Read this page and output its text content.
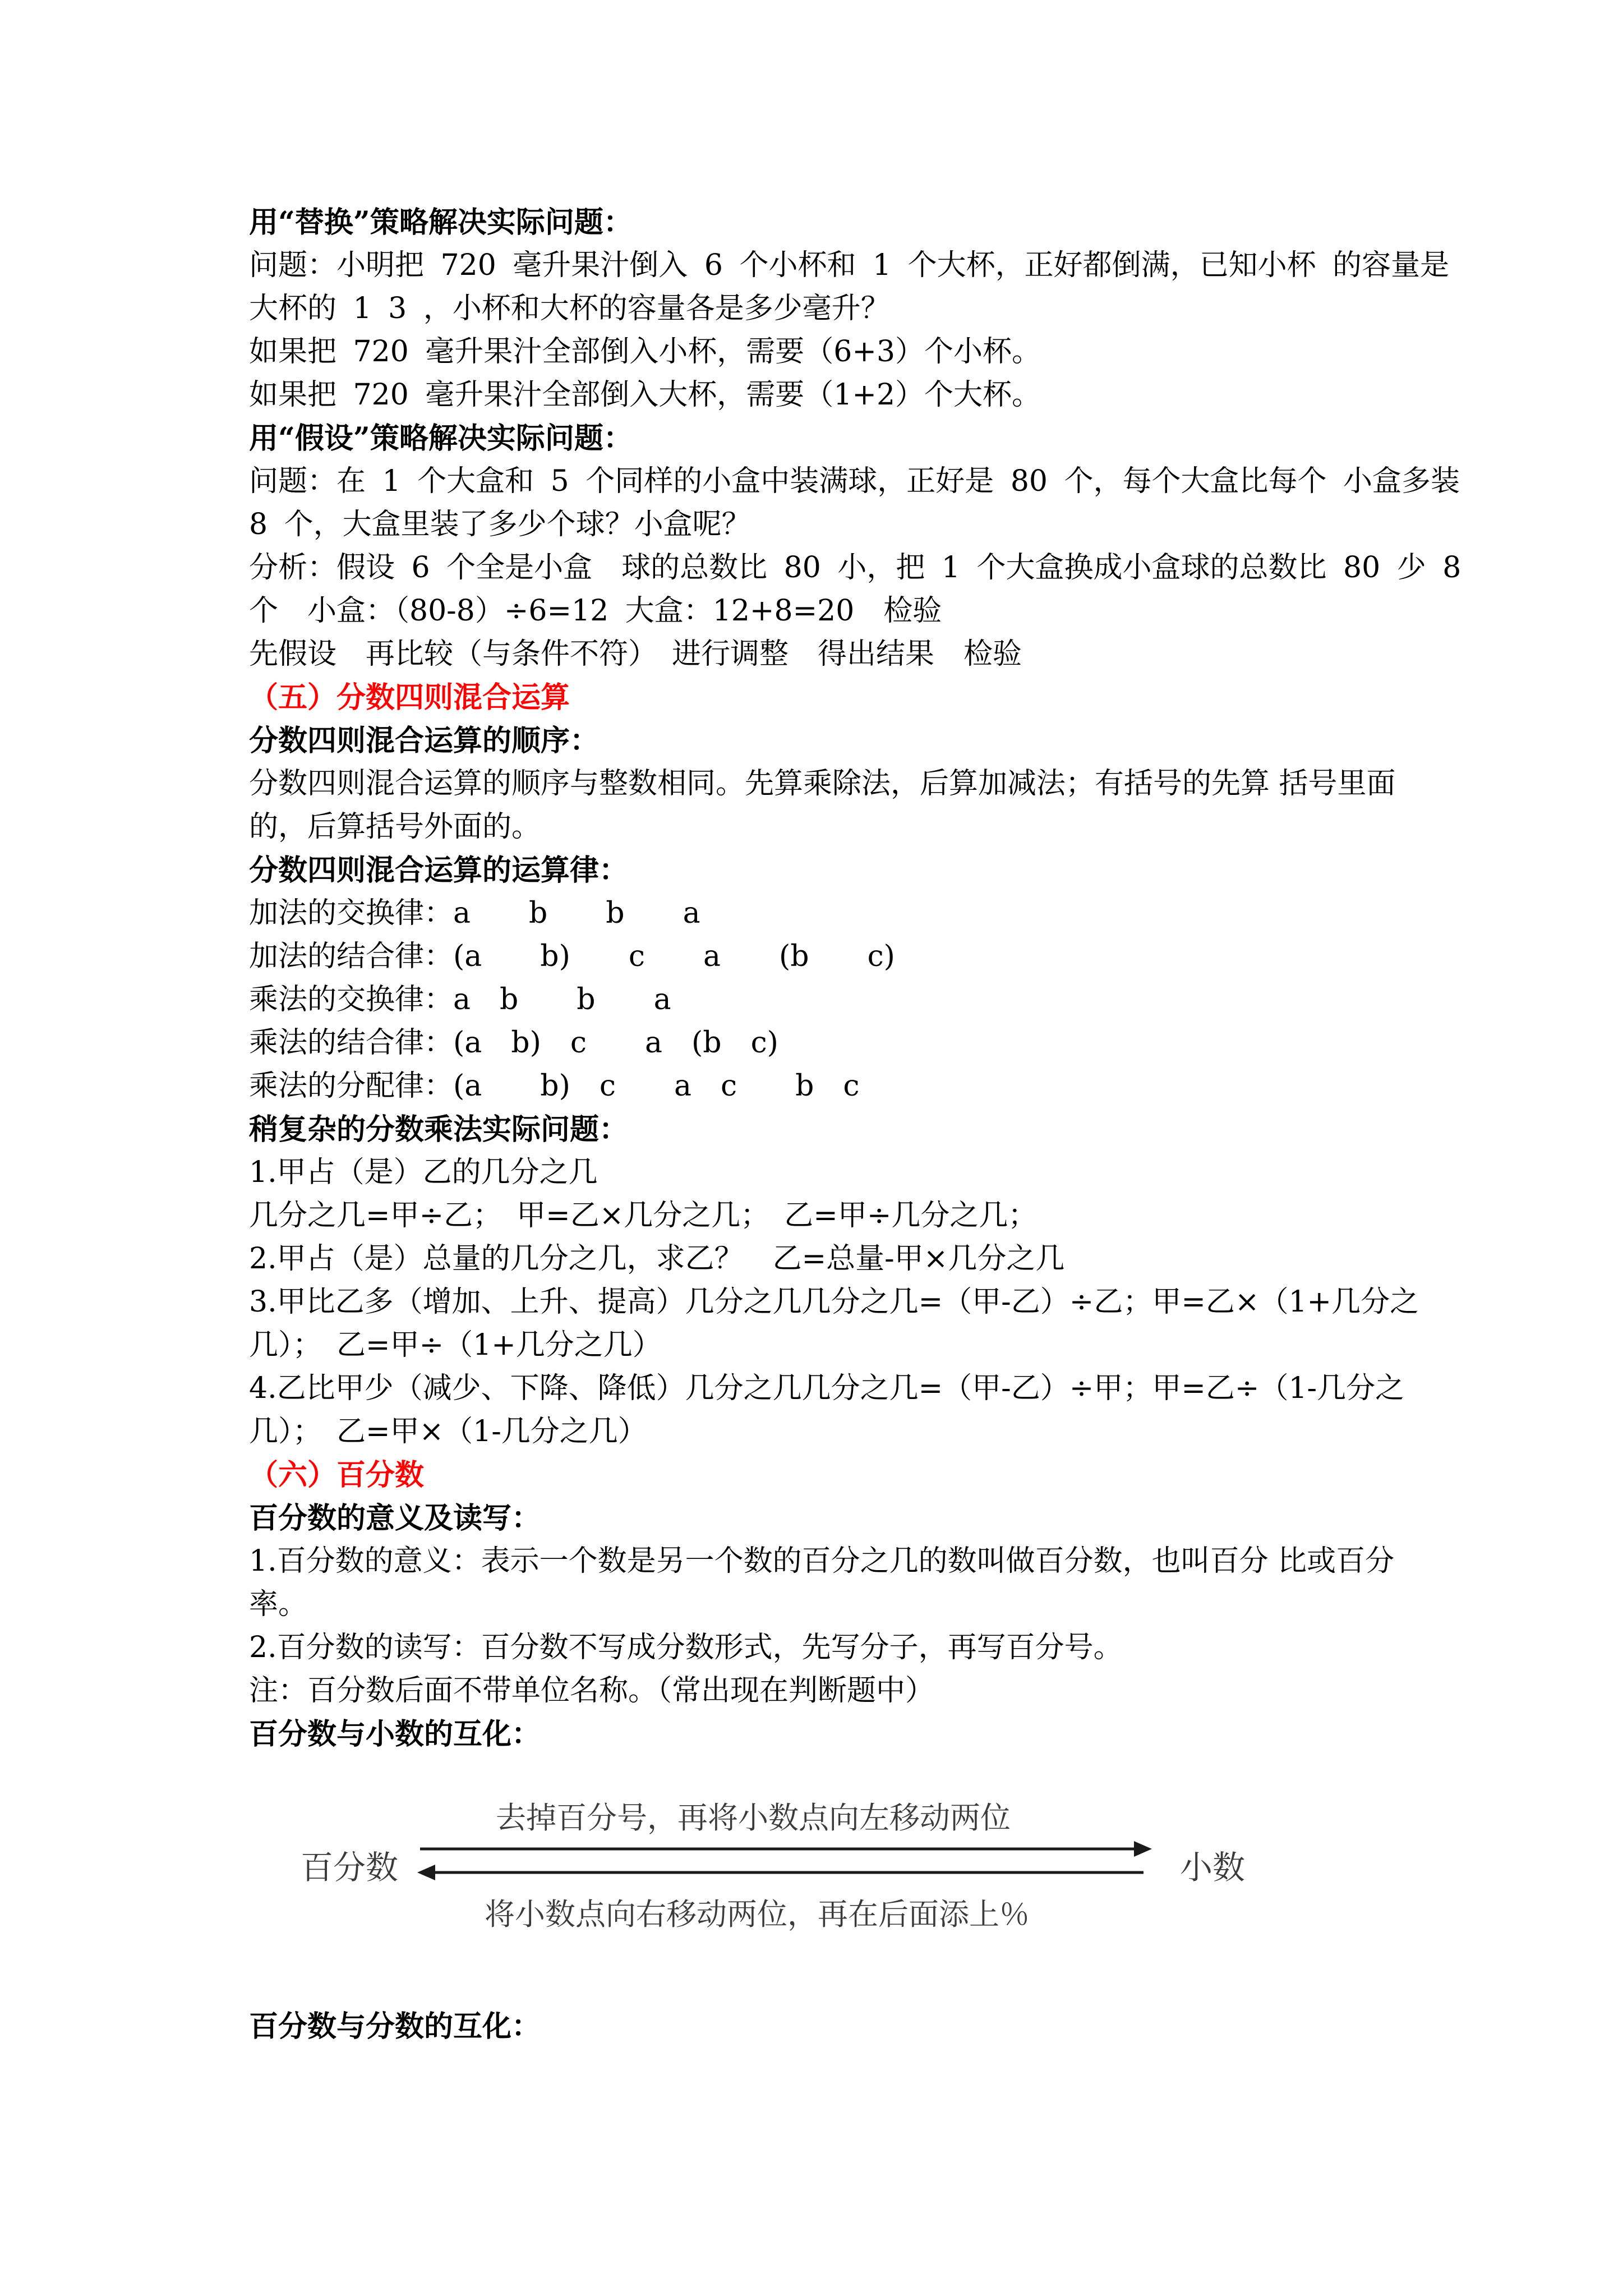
用“替换”策略解决实际问题：
问题：小明把 720 毫升果汁倒入 6 个小杯和 1 个大杯，正好都倒满，已知小杯 的容量是
大杯的 1 3 ，小杯和大杯的容量各是多少毫升？
如果把 720 毫升果汁全部倒入小杯，需要（6+3）个小杯。
如果把 720 毫升果汁全部倒入大杯，需要（1+2）个大杯。
用“假设”策略解决实际问题：
问题：在 1 个大盒和 5 个同样的小盒中装满球，正好是 80 个，每个大盒比每个 小盒多装
8 个，大盒里装了多少个球？小盒呢？
分析：假设 6 个全是小盒　球的总数比 80 小，把 1 个大盒换成小盒球的总数比 80 少 8
个　小盒：（80-8）÷6=12 大盒：12+8=20　检验
先假设　再比较（与条件不符）　进行调整　得出结果　检验
（五）分数四则混合运算
分数四则混合运算的顺序：
分数四则混合运算的顺序与整数相同。先算乘除法，后算加减法；有括号的先算 括号里面
的，后算括号外面的。
分数四则混合运算的运算律：
加法的交换律：a　　b　　b　　a
加法的结合律：(a　　b)　　c　　a　　(b　　c)
乘法的交换律：a　b　　b　　a
乘法的结合律：(a　b)　c　　a　(b　c)
乘法的分配律：(a　　b)　c　　a　c　　b　c
稍复杂的分数乘法实际问题：
1.甲占（是）乙的几分之几
几分之几=甲÷乙；　甲=乙×几分之几；　乙=甲÷几分之几；
2.甲占（是）总量的几分之几，求乙？　乙=总量-甲×几分之几
3.甲比乙多（增加、上升、提高）几分之几几分之几=（甲-乙）÷乙；甲=乙×（1+几分之
几）；　乙=甲÷（1+几分之几）
4.乙比甲少（减少、下降、降低）几分之几几分之几=（甲-乙）÷甲；甲=乙÷（1-几分之
几）；　乙=甲×（1-几分之几）
（六）百分数
百分数的意义及读写：
1.百分数的意义：表示一个数是另一个数的百分之几的数叫做百分数，也叫百分 比或百分
率。
2.百分数的读写：百分数不写成分数形式，先写分子，再写百分号。
注：百分数后面不带单位名称。（常出现在判断题中）
百分数与小数的互化：
百分数	小数
去掉百分号，再将小数点向左移动两位
将小数点向右移动两位，再在后面添上％
百分数与分数的互化：
